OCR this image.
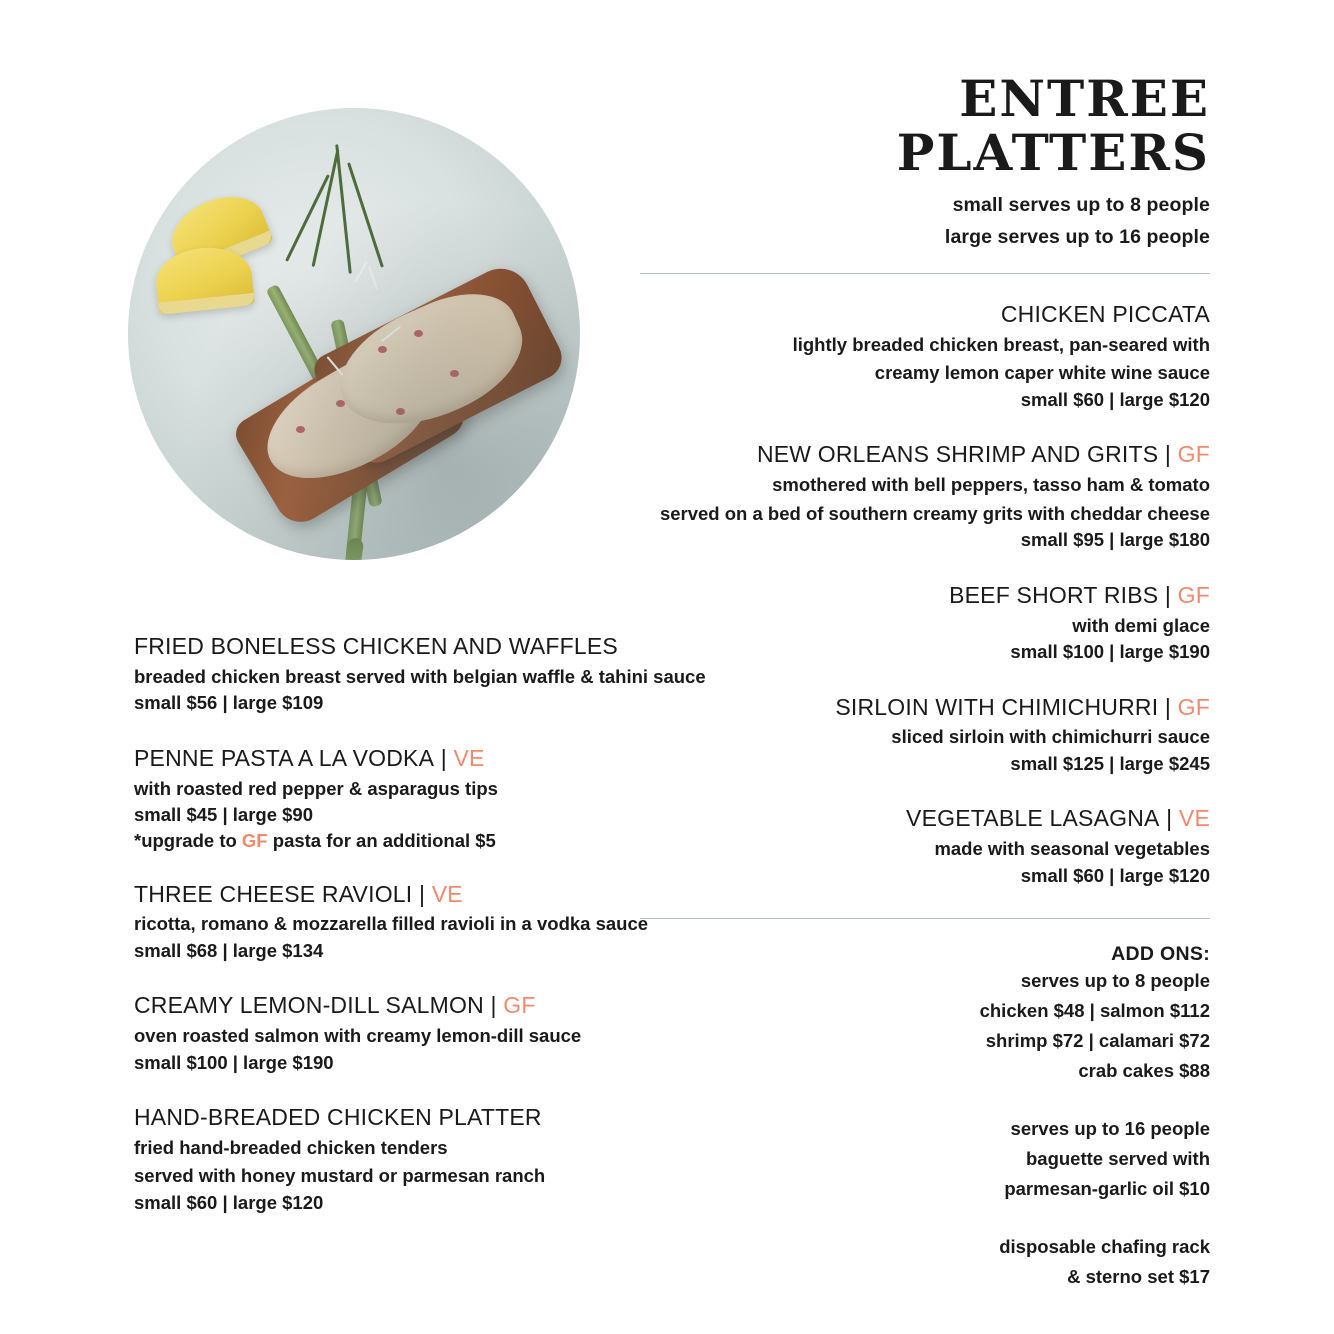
ENTREE PLATTERS
small serves up to 8 people
large serves up to 16 people
CHICKEN PICCATA
lightly breaded chicken breast, pan-seared with
creamy lemon caper white wine sauce
small $60 | large $120
NEW ORLEANS SHRIMP AND GRITS | GF
smothered with bell peppers, tasso ham & tomato
served on a bed of southern creamy grits with cheddar cheese
small $95 | large $180
BEEF SHORT RIBS | GF
with demi glace
small $100 | large $190
SIRLOIN WITH CHIMICHURRI | GF
sliced sirloin with chimichurri sauce
small $125 | large $245
VEGETABLE LASAGNA | VE
made with seasonal vegetables
small $60 | large $120
ADD ONS:
serves up to 8 people
chicken $48 | salmon $112
shrimp $72 | calamari $72
crab cakes $88
serves up to 16 people
baguette served with
parmesan-garlic oil $10
disposable chafing rack
& sterno set $17
FRIED BONELESS CHICKEN AND WAFFLES
breaded chicken breast served with belgian waffle & tahini sauce
small $56 | large $109
PENNE PASTA A LA VODKA | VE
with roasted red pepper & asparagus tips
small $45 | large $90
*upgrade to GF pasta for an additional $5
THREE CHEESE RAVIOLI | VE
ricotta, romano & mozzarella filled ravioli in a vodka sauce
small $68 | large $134
CREAMY LEMON-DILL SALMON | GF
oven roasted salmon with creamy lemon-dill sauce
small $100 | large $190
HAND-BREADED CHICKEN PLATTER
fried hand-breaded chicken tenders
served with honey mustard or parmesan ranch
small $60 | large $120
